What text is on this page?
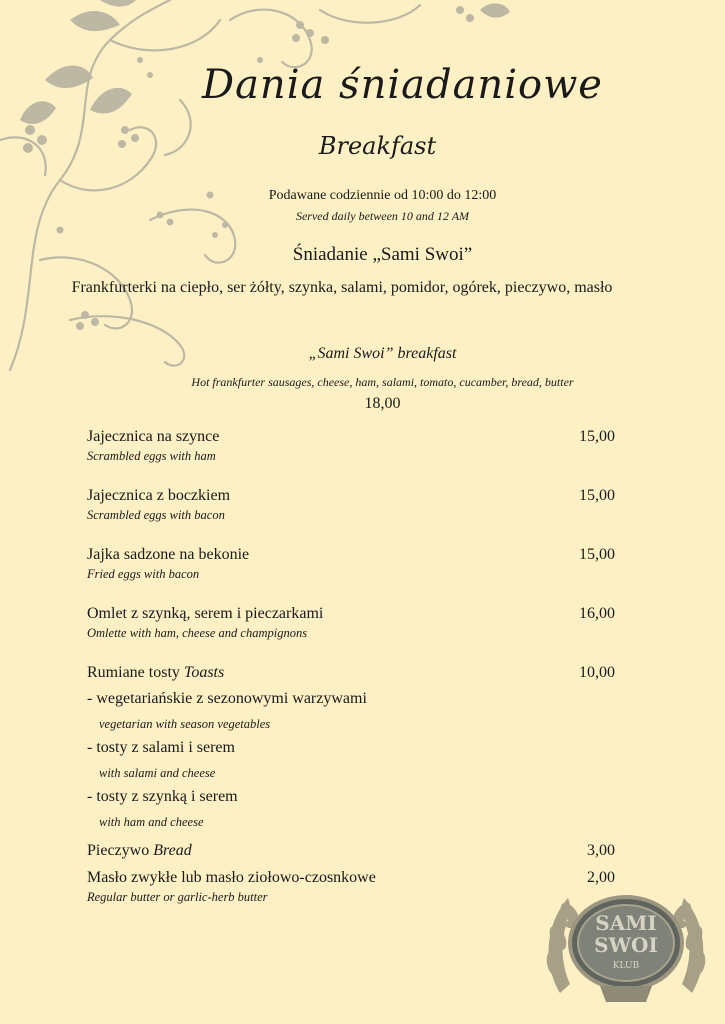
Dania śniadaniowe
Breakfast
Podawane codziennie od 10:00 do 12:00
Served daily between 10 and 12 AM
Śniadanie „Sami Swoi”
Frankfurterki na ciepło, ser żółty, szynka, salami, pomidor, ogórek, pieczywo, masło
„Sami Swoi” breakfast
Hot frankfurter sausages, cheese, ham, salami, tomato, cucamber, bread, butter
18,00
Jajecznica na szynce
Scrambled eggs with ham
15,00
Jajecznica z boczkiem
Scrambled eggs with bacon
15,00
Jajka sadzone na bekonie
Fried eggs with bacon
15,00
Omlet z szynką, serem i pieczarkami
Omlette with ham, cheese and champignons
16,00
Rumiane tosty Toasts	10,00
- wegetariańskie z sezonowymi warzywami
vegetarian with season vegetables
- tosty z salami i serem
with salami and cheese
- tosty z szynką i serem
with ham and cheese
Pieczywo Bread	3,00
Masło zwykłe lub masło ziołowo-czosnkowe
Regular butter or garlic-herb butter
2,00
SAMI
SWOI
KLUB
